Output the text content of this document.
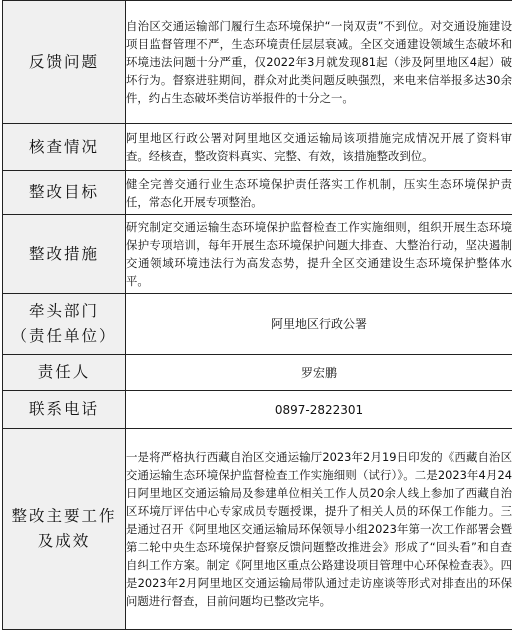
反馈问题	自治区交通运输部门履行生态环境保护“一岗双责”不到位。对交通设施建设项目监督管理不严，生态环境责任层层衰减。全区交通建设领域生态破坏和环境违法问题十分严重，仅2022年3月就发现81起（涉及阿里地区4起）破坏行为。督察进驻期间，群众对此类问题反映强烈，来电来信举报多达30余件，约占生态破坏类信访举报件的十分之一。
核查情况	阿里地区行政公署对阿里地区交通运输局该项措施完成情况开展了资料审查。经核查，整改资料真实、完整、有效，该措施整改到位。
整改目标	健全完善交通行业生态环境保护责任落实工作机制，压实生态环境保护责任，常态化开展专项整治。
整改措施	研究制定交通运输生态环境保护监督检查工作实施细则，组织开展生态环境保护专项培训，每年开展生态环境保护问题大排查、大整治行动，坚决遏制交通领域环境违法行为高发态势，提升全区交通建设生态环境保护整体水平。

牵头部门
（责任单位）	阿里地区行政公署
责任人	罗宏鹏
联系电话	0897-2822301

整改主要工作
及成效	一是将严格执行西藏自治区交通运输厅2023年2月19日印发的《西藏自治区交通运输生态环境保护监督检查工作实施细则（试行）》。二是2023年4月24日阿里地区交通运输局及参建单位相关工作人员20余人线上参加了西藏自治区环境厅评估中心专家成员专题授课，提升了相关人员的环保工作能力。三是通过召开《阿里地区交通运输局环保领导小组2023年第一次工作部署会暨第二轮中央生态环境保护督察反馈问题整改推进会》形成了“回头看”和自查自纠工作方案。制定《阿里地区重点公路建设项目管理中心环保检查表》。四是2023年2月阿里地区交通运输局带队通过走访座谈等形式对排查出的环保问题进行督查，目前问题均已整改完毕。
